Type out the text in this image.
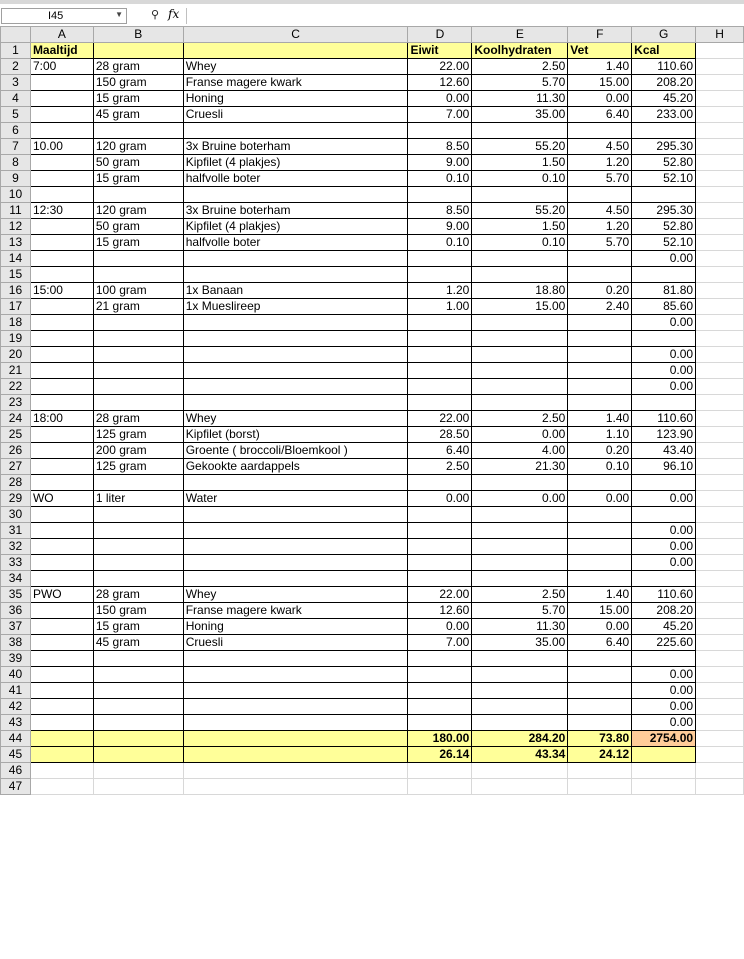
I45	▼	⚲ fx
	A	B	C	D	E	F	G	H
1	Maaltijd			Eiwit	Koolhydraten	Vet	Kcal	
2	7:00	28 gram	Whey	22.00	2.50	1.40	110.60	
3		150 gram	Franse magere kwark	12.60	5.70	15.00	208.20	
4		15 gram	Honing	0.00	11.30	0.00	45.20	
5		45 gram	Cruesli	7.00	35.00	6.40	233.00	
6								
7	10.00	120 gram	3x Bruine boterham	8.50	55.20	4.50	295.30	
8		50 gram	Kipfilet (4 plakjes)	9.00	1.50	1.20	52.80	
9		15 gram	halfvolle boter	0.10	0.10	5.70	52.10	
10								
11	12:30	120 gram	3x Bruine boterham	8.50	55.20	4.50	295.30	
12		50 gram	Kipfilet (4 plakjes)	9.00	1.50	1.20	52.80	
13		15 gram	halfvolle boter	0.10	0.10	5.70	52.10	
14							0.00	
15								
16	15:00	100 gram	1x Banaan	1.20	18.80	0.20	81.80	
17		21 gram	1x Mueslireep	1.00	15.00	2.40	85.60	
18							0.00	
19								
20							0.00	
21							0.00	
22							0.00	
23								
24	18:00	28 gram	Whey	22.00	2.50	1.40	110.60	
25		125 gram	Kipfilet (borst)	28.50	0.00	1.10	123.90	
26		200 gram	Groente ( broccoli/Bloemkool )	6.40	4.00	0.20	43.40	
27		125 gram	Gekookte aardappels	2.50	21.30	0.10	96.10	
28								
29	WO	1 liter	Water	0.00	0.00	0.00	0.00	
30								
31							0.00	
32							0.00	
33							0.00	
34								
35	PWO	28 gram	Whey	22.00	2.50	1.40	110.60	
36		150 gram	Franse magere kwark	12.60	5.70	15.00	208.20	
37		15 gram	Honing	0.00	11.30	0.00	45.20	
38		45 gram	Cruesli	7.00	35.00	6.40	225.60	
39								
40							0.00	
41							0.00	
42							0.00	
43							0.00	
44				180.00	284.20	73.80	2754.00	
45				26.14	43.34	24.12		
46								
47								
